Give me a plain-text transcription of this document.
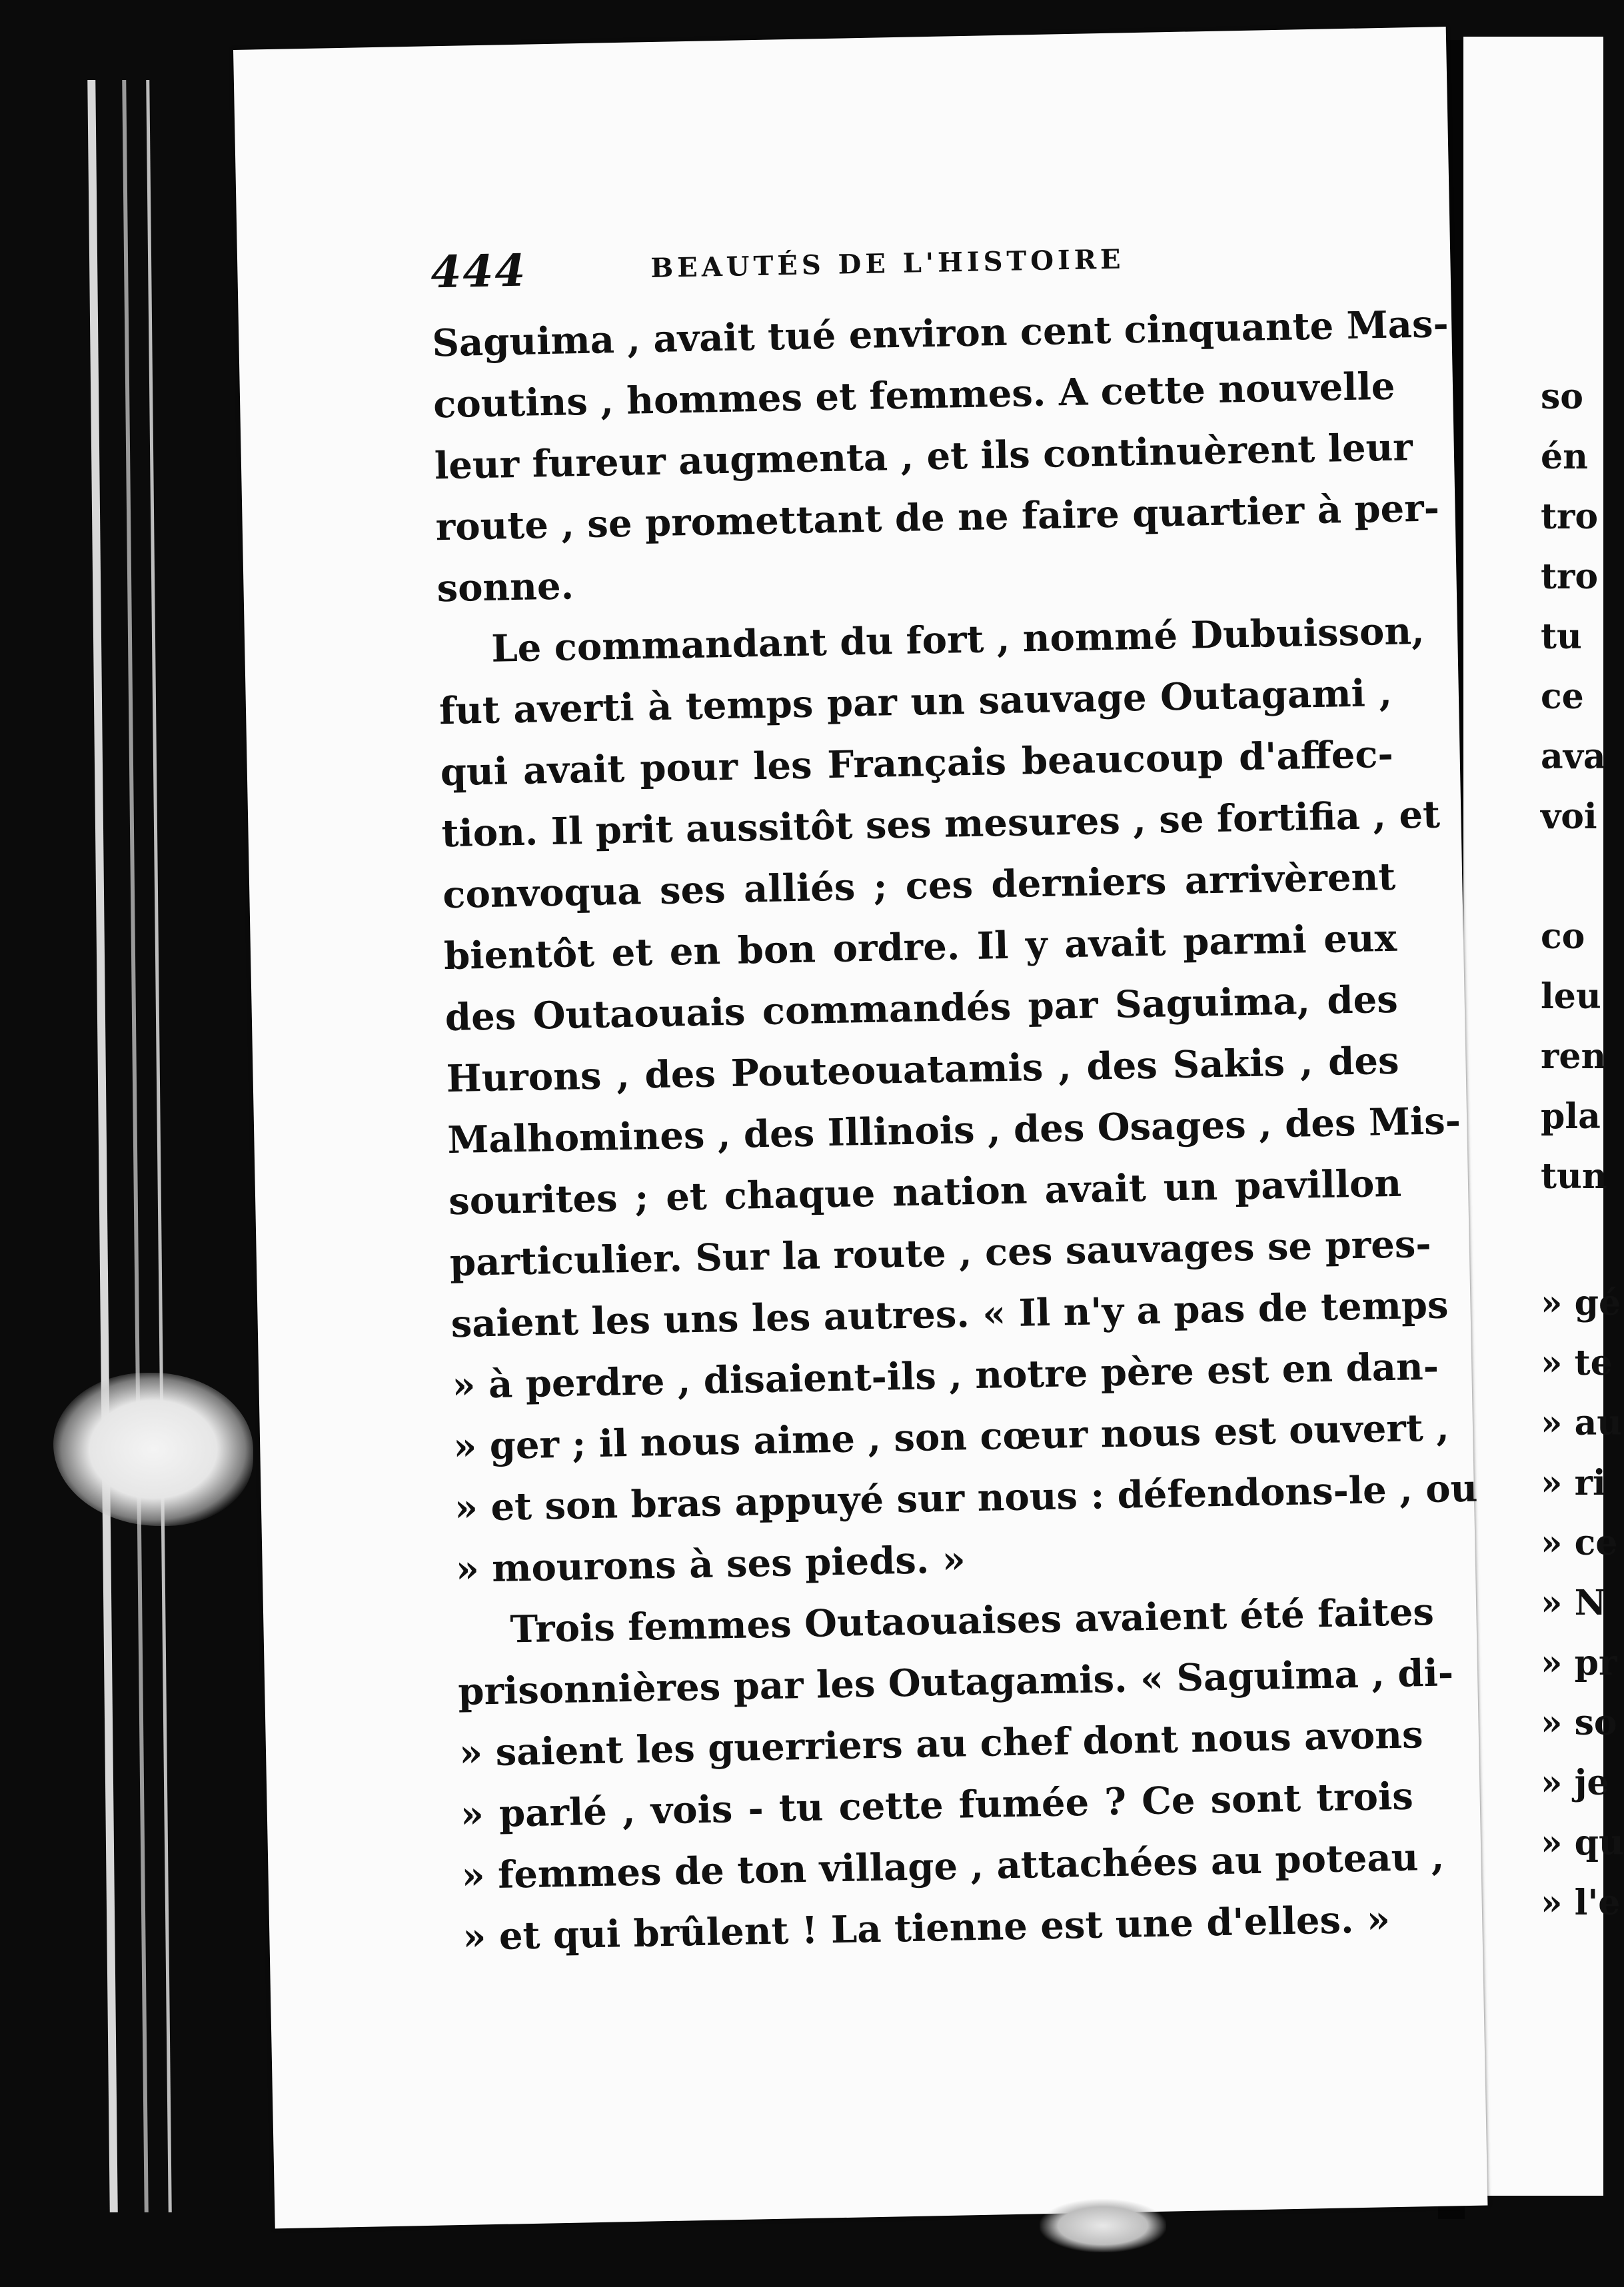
so
én
tro
tro
tu
ce
ava
voi
co
leu
ren
pla
tun
» gé
» te
» au
» ri
» ce
» N
» pr
» so
» je
» qu
» l'e
444	BEAUTÉS DE L'HISTOIRE
Saguima , avait tué environ cent cinquante Mas-
coutins , hommes et femmes. A cette nouvelle
leur fureur augmenta , et ils continuèrent leur
route , se promettant de ne faire quartier à per-
sonne.
Le commandant du fort , nommé Dubuisson,
fut averti à temps par un sauvage Outagami ,
qui avait pour les Français beaucoup d'affec-
tion. Il prit aussitôt ses mesures , se fortifia , et
convoqua ses alliés ; ces derniers arrivèrent
bientôt et en bon ordre. Il y avait parmi eux
des Outaouais commandés par Saguima, des
Hurons , des Pouteouatamis , des Sakis , des
Malhomines , des Illinois , des Osages , des Mis-
sourites ; et chaque nation avait un pavillon
particulier. Sur la route , ces sauvages se pres-
saient les uns les autres. « Il n'y a pas de temps
» à perdre , disaient-ils , notre père est en dan-
» ger ; il nous aime , son cœur nous est ouvert ,
» et son bras appuyé sur nous : défendons-le , ou
» mourons à ses pieds. »
Trois femmes Outaouaises avaient été faites
prisonnières par les Outagamis. « Saguima , di-
» saient les guerriers au chef dont nous avons
» parlé , vois - tu cette fumée ? Ce sont trois
» femmes de ton village , attachées au poteau ,
» et qui brûlent ! La tienne est une d'elles. »
